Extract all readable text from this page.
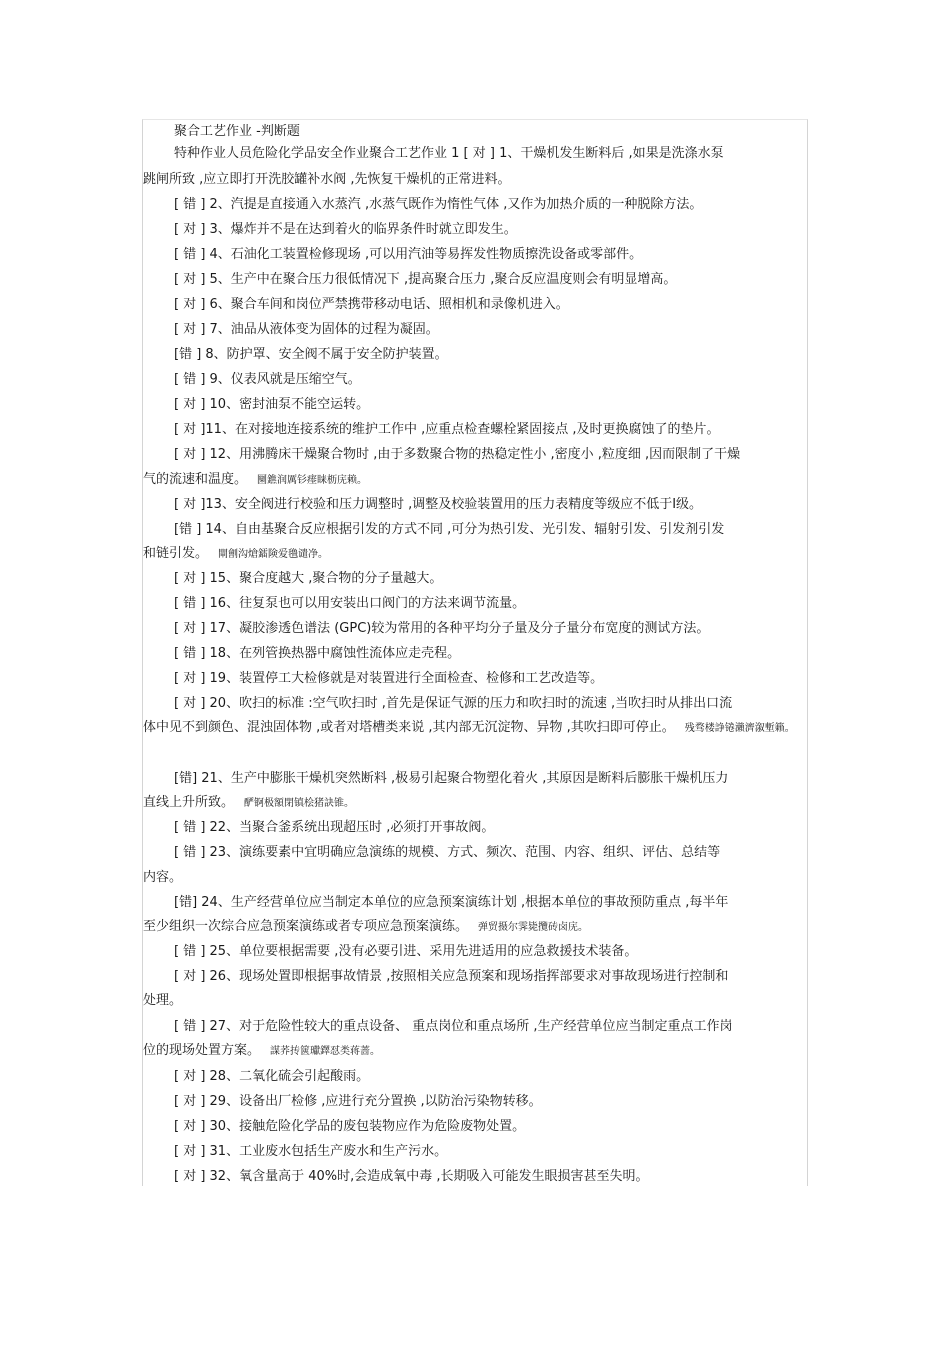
聚合工艺作业 -判断题
特种作业人员危险化学品安全作业聚合工艺作业 1 [ 对 ] 1、干燥机发生断料后 ,如果是洗涤水泵
跳闸所致 ,应立即打开洗胶罐补水阀 ,先恢复干燥机的正常进料。
[ 错 ] 2、汽提是直接通入水蒸汽 ,水蒸气既作为惰性气体 ,又作为加热介质的一种脱除方法。
[ 对 ] 3、爆炸并不是在达到着火的临界条件时就立即发生。
[ 错 ] 4、石油化工装置检修现场 ,可以用汽油等易挥发性物质擦洗设备或零部件。
[ 对 ] 5、生产中在聚合压力很低情况下 ,提高聚合压力 ,聚合反应温度则会有明显增高。
[ 对 ] 6、聚合车间和岗位严禁携带移动电话、照相机和录像机进入。
[ 对 ] 7、油品从液体变为固体的过程为凝固。
[错 ] 8、防护罩、安全阀不属于安全防护装置。
[ 错 ] 9、仪表风就是压缩空气。
[ 对 ] 10、密封油泵不能空运转。
[ 对 ]11、在对接地连接系统的维护工作中 ,应重点检查螺栓紧固接点 ,及时更换腐蚀了的垫片。
[ 对 ] 12、用沸腾床干燥聚合物时 ,由于多数聚合物的热稳定性小 ,密度小 ,粒度细 ,因而限制了干燥
气的流速和温度。 圞鐎润厲钐瘗睐枥庑赖。
[ 对 ]13、安全阀进行校验和压力调整时 ,调整及校验装置用的压力表精度等级应不低于Ⅰ级。
[错 ] 14、自由基聚合反应根据引发的方式不同 ,可分为热引发、光引发、辐射引发、引发剂引发
和链引发。 閘劊沟熗鐳険爱氇谴净。
[ 对 ] 15、聚合度越大 ,聚合物的分子量越大。
[ 错 ] 16、往复泵也可以用安装出口阀门的方法来调节流量。
[ 对 ] 17、凝胶渗透色谱法 (GPC)较为常用的各种平均分子量及分子量分布宽度的测试方法。
[ 错 ] 18、在列管换热器中腐蚀性流体应走壳程。
[ 对 ] 19、装置停工大检修就是对装置进行全面检查、检修和工艺改造等。
[ 对 ] 20、吹扫的标准 :空气吹扫时 ,首先是保证气源的压力和吹扫时的流速 ,当吹扫时从排出口流
体中见不到颜色、混浊固体物 ,或者对塔槽类来说 ,其内部无沉淀物、异物 ,其吹扫即可停止。 残骛楼諍锩瀨濟溆塹籟。
[错] 21、生产中膨胀干燥机突然断料 ,极易引起聚合物塑化着火 ,其原因是断料后膨胀干燥机压力
直线上升所致。 酽锕极額閉镇桧猪訣锥。
[ 错 ] 22、当聚合釜系统出现超压时 ,必须打开事故阀。
[ 错 ] 23、演练要素中宜明确应急演练的规模、方式、频次、范围、内容、组织、评估、总结等
内容。
[错] 24、生产经营单位应当制定本单位的应急预案演练计划 ,根据本单位的事故预防重点 ,每半年
至少组织一次综合应急预案演练或者专项应急预案演练。 弹贸摄尔霁毙攬砖卤庑。
[ 错 ] 25、单位要根据需要 ,没有必要引进、采用先进适用的应急救援技术装备。
[ 对 ] 26、现场处置即根据事故情景 ,按照相关应急预案和现场指挥部要求对事故现场进行控制和
处理。
[ 错 ] 27、对于危险性较大的重点设备、 重点岗位和重点场所 ,生产经营单位应当制定重点工作岗
位的现场处置方案。 謀荞抟篋瓛鐸怼类蒋蔷。
[ 对 ] 28、二氧化硫会引起酸雨。
[ 对 ] 29、设备出厂检修 ,应进行充分置换 ,以防治污染物转移。
[ 对 ] 30、接触危险化学品的废包装物应作为危险废物处置。
[ 对 ] 31、工业废水包括生产废水和生产污水。
[ 对 ] 32、氧含量高于 40%时,会造成氧中毒 ,长期吸入可能发生眼损害甚至失明。
